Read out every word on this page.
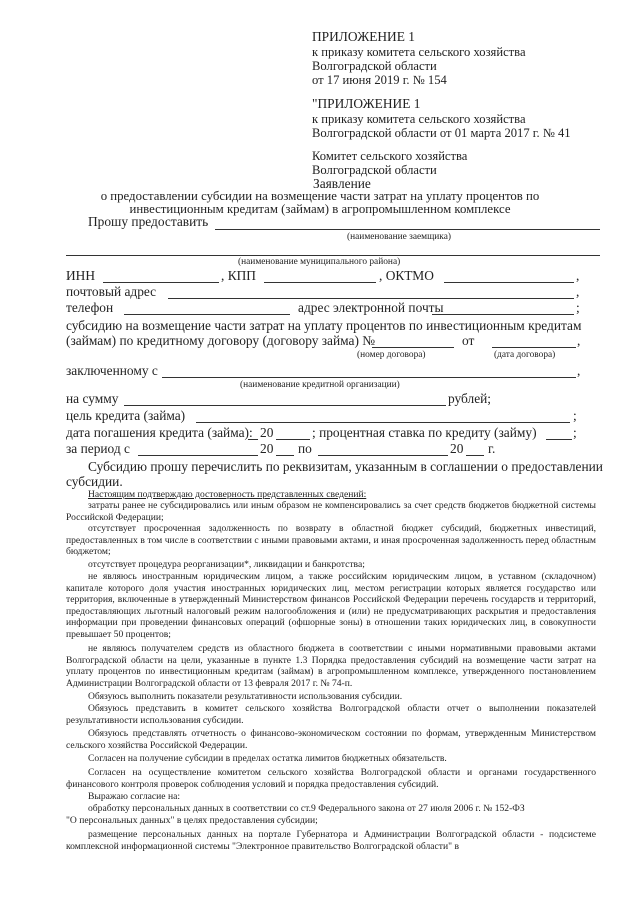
ПРИЛОЖЕНИЕ 1
к приказу комитета сельского хозяйства
Волгоградской области
от 17 июня 2019 г. № 154
"ПРИЛОЖЕНИЕ 1
к приказу комитета сельского хозяйства
Волгоградской области от 01 марта 2017 г. № 41
Комитет сельского хозяйства
Волгоградской области
Заявление
о предоставлении субсидии на возмещение части затрат на уплату процентов по
инвестиционным кредитам (займам) в агропромышленном комплексе
Прошу предоставить
(наименование заемщика)
(наименование муниципального района)
ИНН	, КПП	, ОКТМО	,
почтовый адрес	,
телефон	адрес электронной почты	;
субсидию на возмещение части затрат на уплату процентов по инвестиционным кредитам
(займам) по кредитному договору (договору займа) №	от	,
(номер договора)	(дата договора)
заключенному с	,
(наименование кредитной организации)
на сумму	рублей;
цель кредита (займа)	;
дата погашения кредита (займа): 20	; процентная ставка по кредиту (займу)	;
за период с	20 по	20 г.
Субсидию прошу перечислить по реквизитам, указанным в соглашении о предоставлении
субсидии.
Настоящим подтверждаю достоверность представленных сведений:
затраты ранее не субсидировались или иным образом не компенсировались за счет средств бюджетов бюджетной системы Российской Федерации;
отсутствует просроченная задолженность по возврату в областной бюджет субсидий, бюджетных инвестиций, предоставленных в том числе в соответствии с иными правовыми актами, и иная просроченная задолженность перед областным бюджетом;
отсутствует процедура реорганизации*, ликвидации и банкротства;
не являюсь иностранным юридическим лицом, а также российским юридическим лицом, в уставном (складочном) капитале которого доля участия иностранных юридических лиц, местом регистрации которых является государство или территория, включенные в утвержденный Министерством финансов Российской Федерации перечень государств и территорий, предоставляющих льготный налоговый режим налогообложения и (или) не предусматривающих раскрытия и предоставления информации при проведении финансовых операций (офшорные зоны) в отношении таких юридических лиц, в совокупности превышает 50 процентов;
не являюсь получателем средств из областного бюджета в соответствии с иными нормативными правовыми актами Волгоградской области на цели, указанные в пункте 1.3 Порядка предоставления субсидий на возмещение части затрат на уплату процентов по инвестиционным кредитам (займам) в агропромышленном комплексе, утвержденного постановлением Администрации Волгоградской области от 13 февраля 2017 г. № 74-п.
Обязуюсь выполнить показатели результативности использования субсидии.
Обязуюсь представить в комитет сельского хозяйства Волгоградской области отчет о выполнении показателей результативности использования субсидии.
Обязуюсь представлять отчетность о финансово-экономическом состоянии по формам, утвержденным Министерством сельского хозяйства Российской Федерации.
Согласен на получение субсидии в пределах остатка лимитов бюджетных обязательств.
Согласен на осуществление комитетом сельского хозяйства Волгоградской области и органами государственного финансового контроля проверок соблюдения условий и порядка предоставления субсидий.
Выражаю согласие на:
обработку персональных данных в соответствии со ст.9 Федерального закона от 27 июля 2006 г. № 152-ФЗ
"О персональных данных" в целях предоставления субсидии;
размещение персональных данных на портале Губернатора и Администрации Волгоградской области - подсистеме комплексной информационной системы "Электронное правительство Волгоградской области" в
